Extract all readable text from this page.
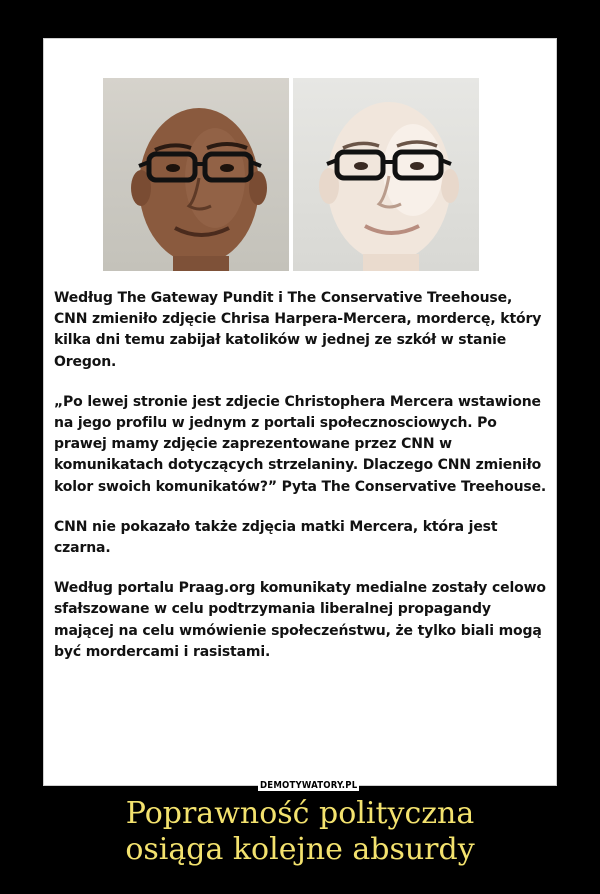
Według The Gateway Pundit i The Conservative Treehouse, CNN zmieniło zdjęcie Chrisa Harpera-Mercera, mordercę, który kilka dni temu zabijał katolików w jednej ze szkół w stanie Oregon.

„Po lewej stronie jest zdjecie Christophera Mercera wstawione na jego profilu w jednym z portali społecznosciowych. Po prawej mamy zdjęcie zaprezentowane przez CNN w komunikatach dotyczących strzelaniny. Dlaczego CNN zmieniło kolor swoich komunikatów?” Pyta The Conservative Treehouse.

CNN nie pokazało także zdjęcia matki Mercera, która jest czarna.

Według portalu Praag.org komunikaty medialne zostały celowo sfałszowane w celu podtrzymania liberalnej propagandy mającej na celu wmówienie społeczeństwu, że tylko biali mogą być mordercami i rasistami.

DEMOTYWATORY.PL
Poprawność polityczna
osiąga kolejne absurdy
